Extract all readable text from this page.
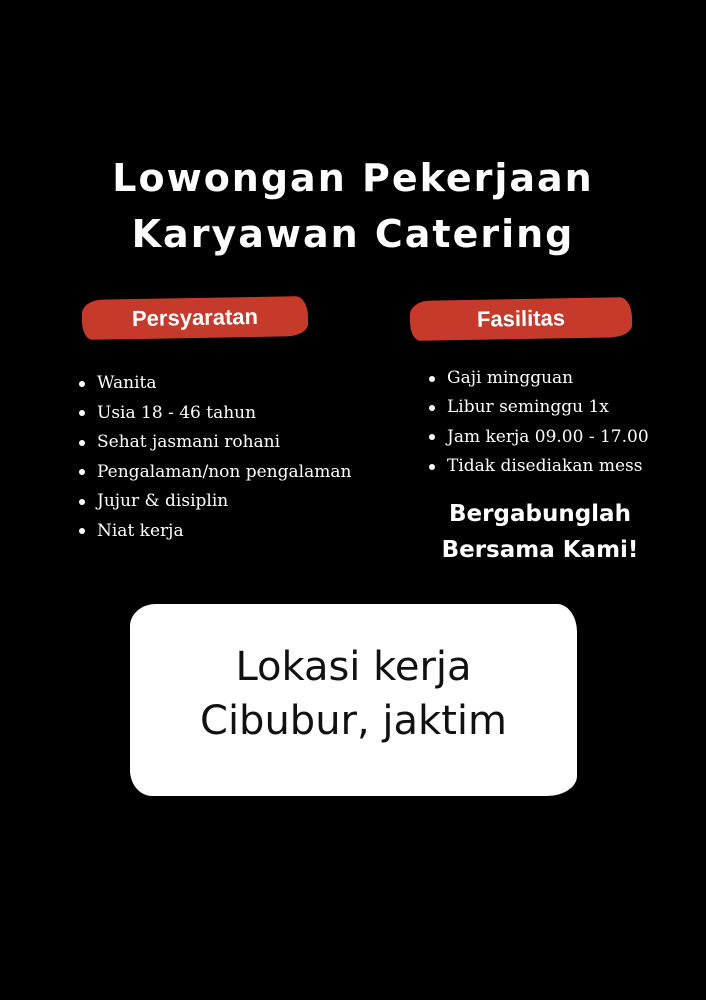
Lowongan Pekerjaan
Karyawan Catering
Persyaratan	Fasilitas
Wanita
Usia 18 - 46 tahun
Sehat jasmani rohani
Pengalaman/non pengalaman
Jujur & disiplin
Niat kerja
Gaji mingguan
Libur seminggu 1x
Jam kerja 09.00 - 17.00
Tidak disediakan mess

Bergabunglah
Bersama Kami!

Lokasi kerja
Cibubur, jaktim
